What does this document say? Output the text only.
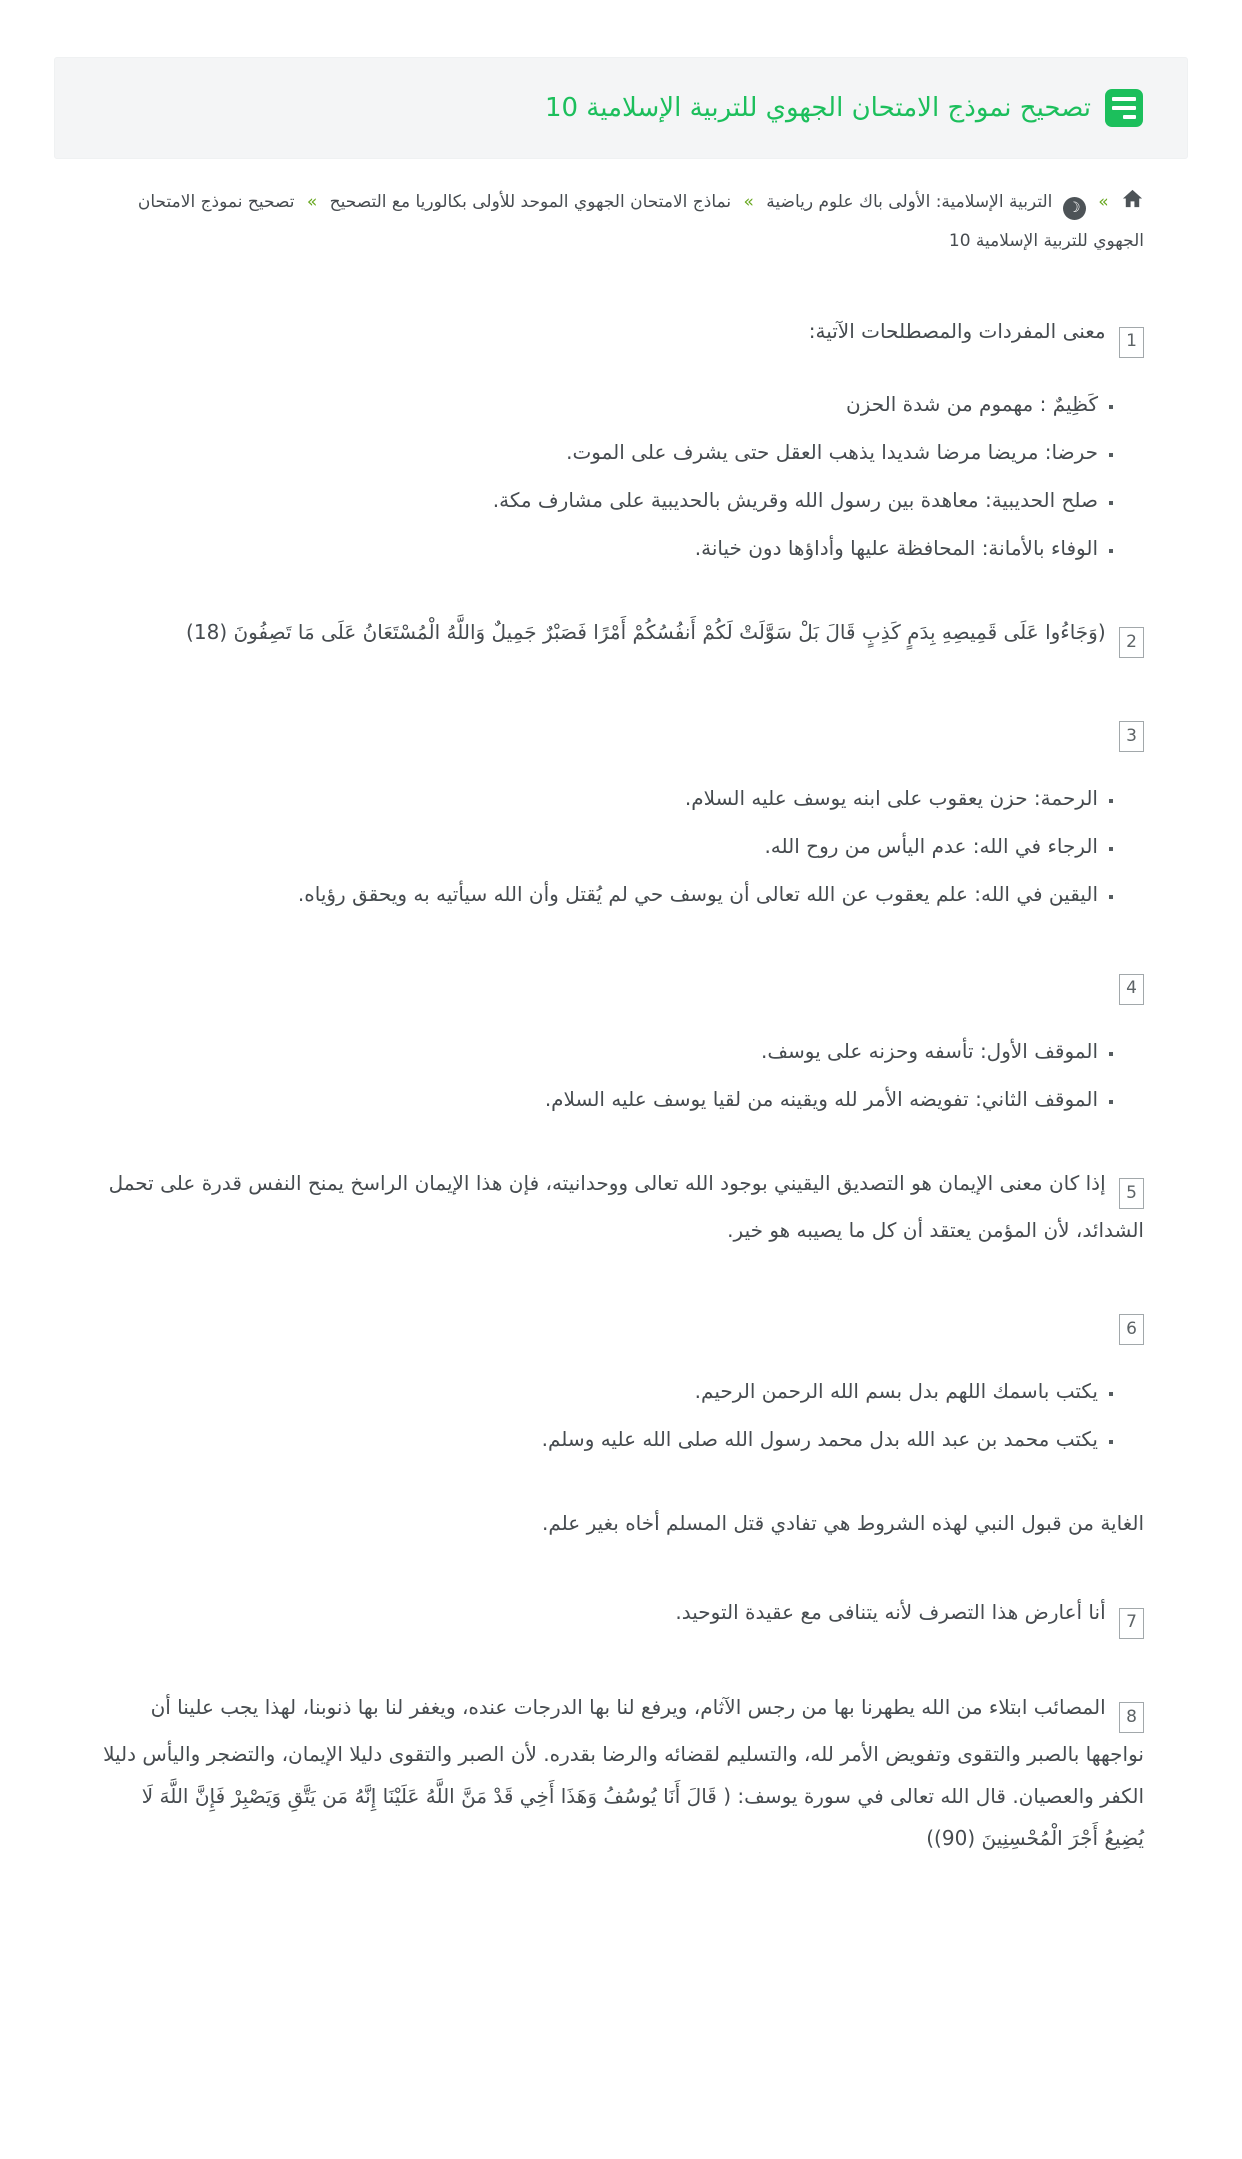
تصحيح نموذج الامتحان الجهوي للتربية الإسلامية 10
» ☽ التربية الإسلامية: الأولى باك علوم رياضية » نماذج الامتحان الجهوي الموحد للأولى بكالوريا مع التصحيح » تصحيح نموذج الامتحان الجهوي للتربية الإسلامية 10

1 معنى المفردات والمصطلحات الآتية:

▪ كَظِيمٌ : مهموم من شدة الحزن
▪ حرضا: مريضا مرضا شديدا يذهب العقل حتى يشرف على الموت.
▪ صلح الحديبية: معاهدة بين رسول الله وقريش بالحديبية على مشارف مكة.
▪ الوفاء بالأمانة: المحافظة عليها وأداؤها دون خيانة.

2 (وَجَاءُوا عَلَى قَمِيصِهِ بِدَمٍ كَذِبٍ قَالَ بَلْ سَوَّلَتْ لَكُمْ أَنفُسُكُمْ أَمْرًا فَصَبْرٌ جَمِيلٌ وَاللَّهُ الْمُسْتَعَانُ عَلَى مَا تَصِفُونَ (18)

3

▪ الرحمة: حزن يعقوب على ابنه يوسف عليه السلام.
▪ الرجاء في الله: عدم اليأس من روح الله.
▪ اليقين في الله: علم يعقوب عن الله تعالى أن يوسف حي لم يُقتل وأن الله سيأتيه به ويحقق رؤياه.

4

▪ الموقف الأول: تأسفه وحزنه على يوسف.
▪ الموقف الثاني: تفويضه الأمر لله ويقينه من لقيا يوسف عليه السلام.

5 إذا كان معنى الإيمان هو التصديق اليقيني بوجود الله تعالى ووحدانيته، فإن هذا الإيمان الراسخ يمنح النفس قدرة على تحمل الشدائد، لأن المؤمن يعتقد أن كل ما يصيبه هو خير.

6

▪ يكتب باسمك اللهم بدل بسم الله الرحمن الرحيم.
▪ يكتب محمد بن عبد الله بدل محمد رسول الله صلى الله عليه وسلم.

الغاية من قبول النبي لهذه الشروط هي تفادي قتل المسلم أخاه بغير علم.

7 أنا أعارض هذا التصرف لأنه يتنافى مع عقيدة التوحيد.

8 المصائب ابتلاء من الله يطهرنا بها من رجس الآثام، ويرفع لنا بها الدرجات عنده، ويغفر لنا بها ذنوبنا، لهذا يجب علينا أن نواجهها بالصبر والتقوى وتفويض الأمر لله، والتسليم لقضائه والرضا بقدره. لأن الصبر والتقوى دليلا الإيمان، والتضجر واليأس دليلا الكفر والعصيان. قال الله تعالى في سورة يوسف: ( قَالَ أَنَا يُوسُفُ وَهَذَا أَخِي قَدْ مَنَّ اللَّهُ عَلَيْنَا إِنَّهُ مَن يَتَّقِ وَيَصْبِرْ فَإِنَّ اللَّهَ لَا يُضِيعُ أَجْرَ الْمُحْسِنِينَ (90))
